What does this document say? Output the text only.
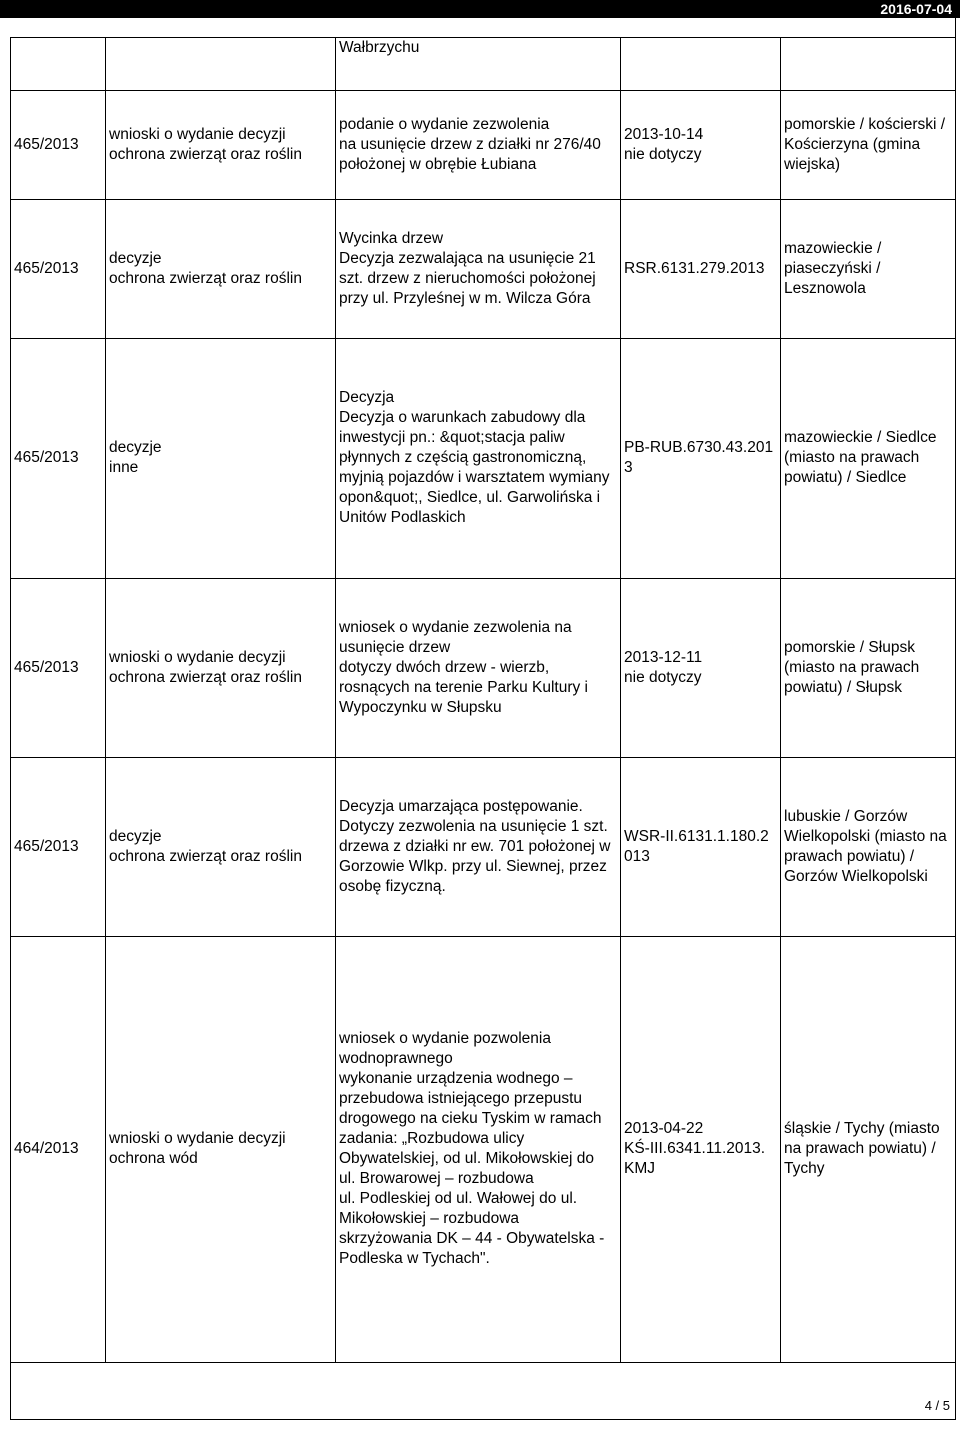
2016-07-04
Wałbrzychu
465/2013
wnioski o wydanie decyzji
ochrona zwierząt oraz roślin
podanie o wydanie zezwolenia
na usunięcie drzew z działki nr 276/40
położonej w obrębie Łubiana
2013-10-14
nie dotyczy
pomorskie / kościerski /
Kościerzyna (gmina
wiejska)
465/2013
decyzje
ochrona zwierząt oraz roślin
Wycinka drzew
Decyzja zezwalająca na usunięcie 21
szt. drzew z nieruchomości położonej
przy ul. Przyleśnej w m. Wilcza Góra
RSR.6131.279.2013
mazowieckie /
piaseczyński /
Lesznowola
465/2013
decyzje
inne
Decyzja
Decyzja o warunkach zabudowy dla
inwestycji pn.: &quot;stacja paliw
płynnych z częścią gastronomiczną,
myjnią pojazdów i warsztatem wymiany
opon&quot;, Siedlce, ul. Garwolińska i
Unitów Podlaskich
PB-RUB.6730.43.201
3
mazowieckie / Siedlce
(miasto na prawach
powiatu) / Siedlce
465/2013
wnioski o wydanie decyzji
ochrona zwierząt oraz roślin
wniosek o wydanie zezwolenia na
usunięcie drzew
dotyczy dwóch drzew - wierzb,
rosnących na terenie Parku Kultury i
Wypoczynku w Słupsku
2013-12-11
nie dotyczy
pomorskie / Słupsk
(miasto na prawach
powiatu) / Słupsk
465/2013
decyzje
ochrona zwierząt oraz roślin
Decyzja umarzająca postępowanie.
Dotyczy zezwolenia na usunięcie 1 szt.
drzewa z działki nr ew. 701 położonej w
Gorzowie Wlkp. przy ul. Siewnej, przez
osobę fizyczną.
WSR-II.6131.1.180.2
013
lubuskie / Gorzów
Wielkopolski (miasto na
prawach powiatu) /
Gorzów Wielkopolski
464/2013
wnioski o wydanie decyzji
ochrona wód
wniosek o wydanie pozwolenia
wodnoprawnego
wykonanie urządzenia wodnego –
przebudowa istniejącego przepustu
drogowego na cieku Tyskim w ramach
zadania: „Rozbudowa ulicy
Obywatelskiej, od ul. Mikołowskiej do
ul. Browarowej – rozbudowa
ul. Podleskiej od ul. Wałowej do ul.
Mikołowskiej – rozbudowa
skrzyżowania DK – 44 - Obywatelska -
Podleska w Tychach".
2013-04-22
KŚ-III.6341.11.2013.
KMJ
śląskie / Tychy (miasto
na prawach powiatu) /
Tychy
4 / 5
